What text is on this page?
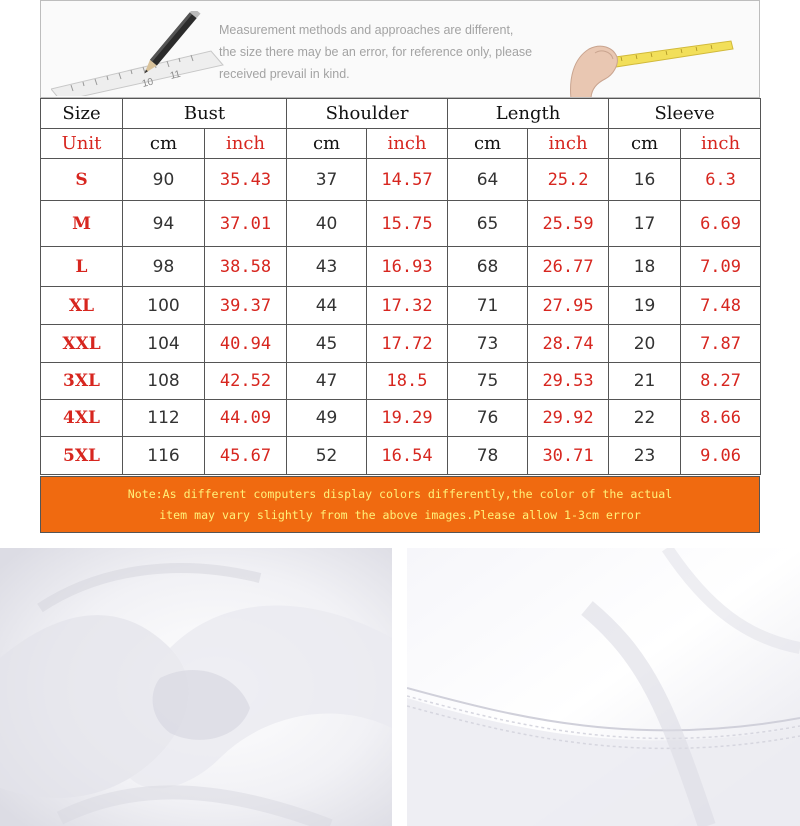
10
11
Measurement methods and approaches are different,
the size there may be an error, for reference only, please
received prevail in kind.
Size	Bust		Shoulder		Length		Sleeve	
Unit	cm	inch	cm	inch	cm	inch	cm	inch
S	90	35.43	37	14.57	64	25.2	16	6.3
M	94	37.01	40	15.75	65	25.59	17	6.69
L	98	38.58	43	16.93	68	26.77	18	7.09
XL	100	39.37	44	17.32	71	27.95	19	7.48
XXL	104	40.94	45	17.72	73	28.74	20	7.87
3XL	108	42.52	47	18.5	75	29.53	21	8.27
4XL	112	44.09	49	19.29	76	29.92	22	8.66
5XL	116	45.67	52	16.54	78	30.71	23	9.06
Note:As different computers display colors differently,the color of the actual
item may vary slightly from the above images.Please allow 1-3cm error
